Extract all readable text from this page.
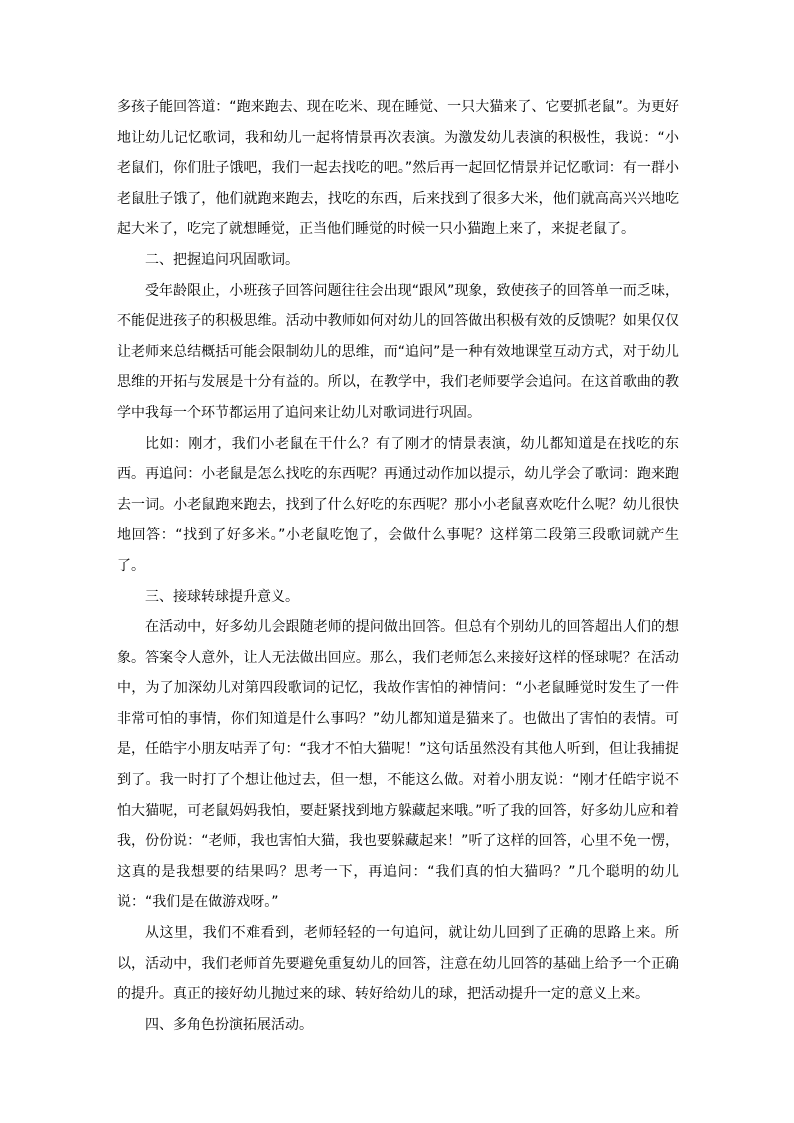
多孩子能回答道：“跑来跑去、现在吃米、现在睡觉、一只大猫来了、它要抓老鼠”。为更好地让幼儿记忆歌词，我和幼儿一起将情景再次表演。为激发幼儿表演的积极性，我说：“小老鼠们，你们肚子饿吧，我们一起去找吃的吧。”然后再一起回忆情景并记忆歌词：有一群小老鼠肚子饿了，他们就跑来跑去，找吃的东西，后来找到了很多大米，他们就高高兴兴地吃起大米了，吃完了就想睡觉，正当他们睡觉的时候一只小猫跑上来了，来捉老鼠了。

二、把握追问巩固歌词。

受年龄限止，小班孩子回答问题往往会出现“跟风”现象，致使孩子的回答单一而乏味，不能促进孩子的积极思维。活动中教师如何对幼儿的回答做出积极有效的反馈呢？如果仅仅让老师来总结概括可能会限制幼儿的思维，而“追问”是一种有效地课堂互动方式，对于幼儿思维的开拓与发展是十分有益的。所以，在教学中，我们老师要学会追问。在这首歌曲的教学中我每一个环节都运用了追问来让幼儿对歌词进行巩固。

比如：刚才，我们小老鼠在干什么？有了刚才的情景表演，幼儿都知道是在找吃的东西。再追问：小老鼠是怎么找吃的东西呢？再通过动作加以提示，幼儿学会了歌词：跑来跑去一词。小老鼠跑来跑去，找到了什么好吃的东西呢？那小小老鼠喜欢吃什么呢？幼儿很快地回答：“找到了好多米。”小老鼠吃饱了，会做什么事呢？这样第二段第三段歌词就产生了。

三、接球转球提升意义。

在活动中，好多幼儿会跟随老师的提问做出回答。但总有个别幼儿的回答超出人们的想象。答案令人意外，让人无法做出回应。那么，我们老师怎么来接好这样的怪球呢？在活动中，为了加深幼儿对第四段歌词的记忆，我故作害怕的神情问：“小老鼠睡觉时发生了一件非常可怕的事情，你们知道是什么事吗？”幼儿都知道是猫来了。也做出了害怕的表情。可是，任皓宇小朋友咕弄了句：“我才不怕大猫呢！”这句话虽然没有其他人听到，但让我捕捉到了。我一时打了个想让他过去，但一想，不能这么做。对着小朋友说：“刚才任皓宇说不怕大猫呢，可老鼠妈妈我怕，要赶紧找到地方躲藏起来哦。”听了我的回答，好多幼儿应和着我，份份说：“老师，我也害怕大猫，我也要躲藏起来！”听了这样的回答，心里不免一愣，这真的是我想要的结果吗？思考一下，再追问：“我们真的怕大猫吗？”几个聪明的幼儿说：“我们是在做游戏呀。”

从这里，我们不难看到，老师轻轻的一句追问，就让幼儿回到了正确的思路上来。所以，活动中，我们老师首先要避免重复幼儿的回答，注意在幼儿回答的基础上给予一个正确的提升。真正的接好幼儿抛过来的球、转好给幼儿的球，把活动提升一定的意义上来。

四、多角色扮演拓展活动。
